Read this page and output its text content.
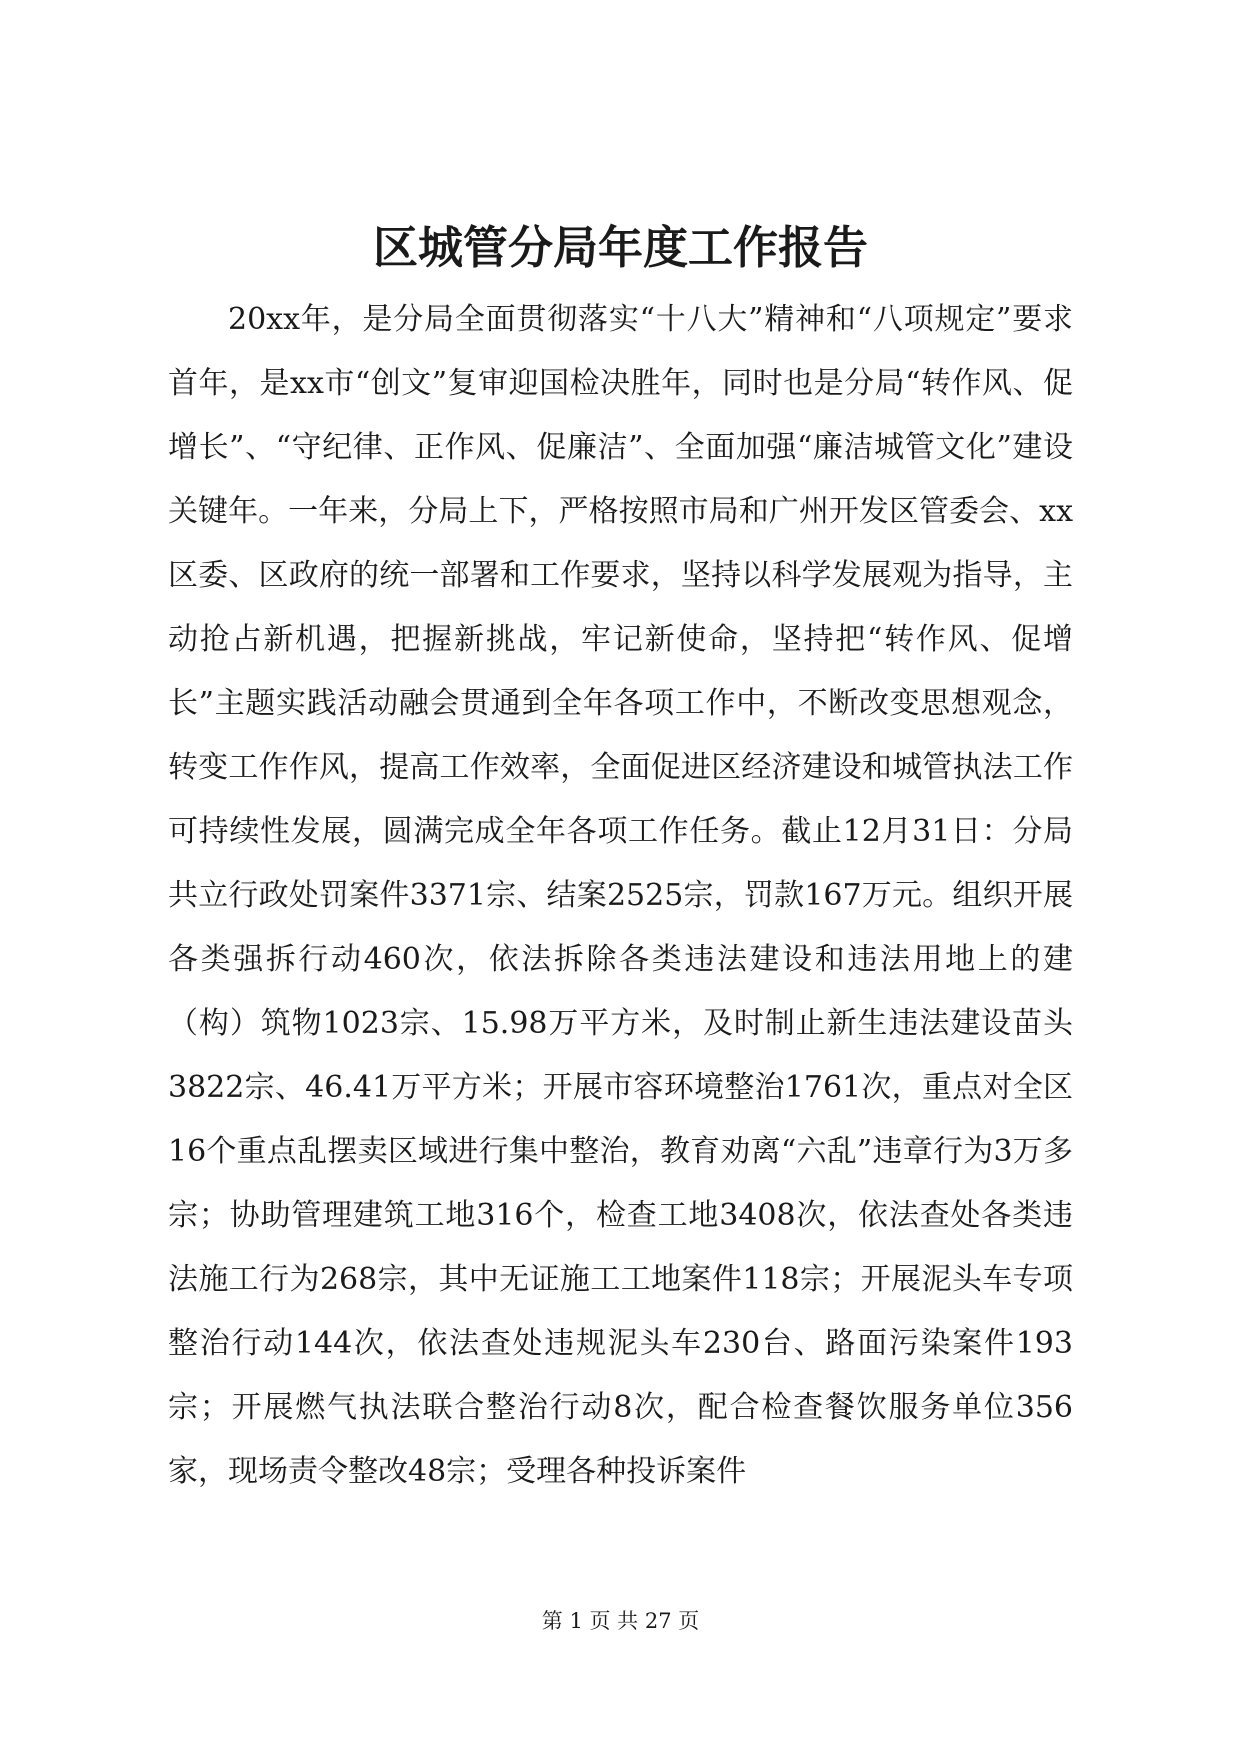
区城管分局年度工作报告

20xx年，是分局全面贯彻落实“十八大”精神和“八项规定”要求首年，是xx市“创文”复审迎国检决胜年，同时也是分局“转作风、促增长”、“守纪律、正作风、促廉洁”、全面加强“廉洁城管文化”建设关键年。一年来，分局上下，严格按照市局和广州开发区管委会、xx区委、区政府的统一部署和工作要求，坚持以科学发展观为指导，主动抢占新机遇，把握新挑战，牢记新使命，坚持把“转作风、促增长”主题实践活动融会贯通到全年各项工作中，不断改变思想观念，转变工作作风，提高工作效率，全面促进区经济建设和城管执法工作可持续性发展，圆满完成全年各项工作任务。截止12月31日：分局共立行政处罚案件3371宗、结案2525宗，罚款167万元。组织开展各类强拆行动460次，依法拆除各类违法建设和违法用地上的建（构）筑物1023宗、15.98万平方米，及时制止新生违法建设苗头3822宗、46.41万平方米；开展市容环境整治1761次，重点对全区16个重点乱摆卖区域进行集中整治，教育劝离“六乱”违章行为3万多宗；协助管理建筑工地316个，检查工地3408次，依法查处各类违法施工行为268宗，其中无证施工工地案件118宗；开展泥头车专项整治行动144次，依法查处违规泥头车230台、路面污染案件193宗；开展燃气执法联合整治行动8次，配合检查餐饮服务单位356家，现场责令整改48宗；受理各种投诉案件

第 1 页 共 27 页
